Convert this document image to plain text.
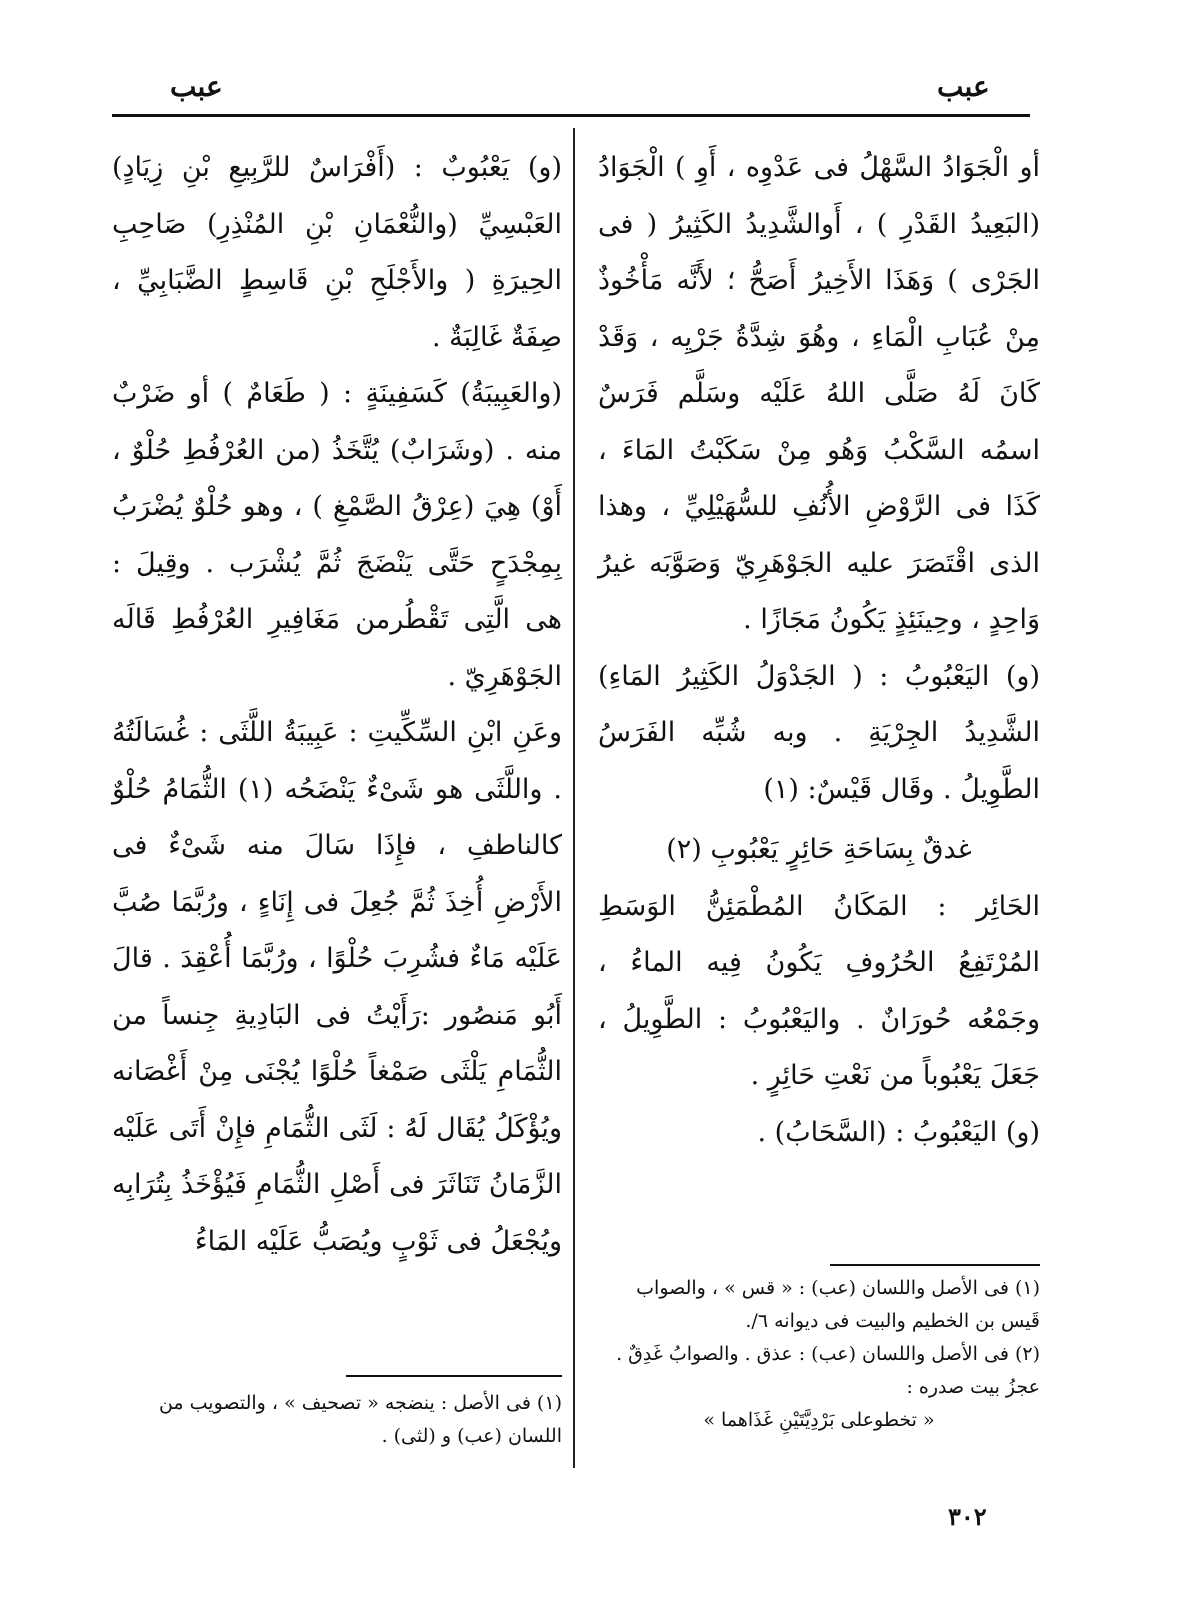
عبب
عبب

أو الْجَوَادُ السَّهْلُ فى عَدْوِه ، أَوِ ) الْجَوَادُ (البَعِيدُ القَدْرِ ) ، أَوالشَّدِيدُ الكَثِيرُ ( فى الجَرْى ) وَهَذَا الأَخِيرُ أَصَحُّ ؛ لأَنَّه مَأْخُوذٌ مِنْ عُبَابِ الْمَاءِ ، وهُوَ شِدَّةُ جَرْيِه ، وَقَدْ كَانَ لَهُ صَلَّى اللهُ عَلَيْه وسَلَّم فَرَسٌ اسمُه السَّكْبُ وَهُو مِنْ سَكَبْتُ المَاءَ ، كَذَا فى الرَّوْضِ الأُنُفِ للسُّهَيْلِيِّ ، وهذا الذى اقْتَصَرَ عليه الجَوْهَرِيّ وَصَوَّبَه غيرُ وَاحِدٍ ، وحِينَئِذٍ يَكُونُ مَجَازًا .

(و) اليَعْبُوبُ : ( الجَدْوَلُ الكَثِيرُ المَاءِ) الشَّدِيدُ الجِرْيَةِ . وبه شُبِّه الفَرَسُ الطَّوِيلُ . وقَال قَيْسٌ: (١)

غدقٌ بِسَاحَةِ حَائِرٍ يَعْبُوبِ (٢)

الحَائِر : المَكَانُ المُطْمَئِنُّ الوَسَطِ المُرْتَفِعُ الحُرُوفِ يَكُونُ فِيه الماءُ ، وجَمْعُه حُورَانٌ . واليَعْبُوبُ : الطَّوِيلُ ، جَعَلَ يَعْبُوباً من نَعْتِ حَائِرٍ .

(و) اليَعْبُوبُ : (السَّحَابُ) .

(١) فى الأصل واللسان (عب) : « قس » ، والصواب قَيس بن الخطيم والبيت فى ديوانه ٦/.
(٢) فى الأصل واللسان (عب) : عذق . والصوابُ غَدِقٌ . عجزُ بيت صدره :
« تخطوعلى بَرْدِيَّتَيْنِ غَذَاهما »

(و) يَعْبُوبٌ : (أَفْرَاسٌ للرَّبِيعِ بْنِ زِيَادٍ) العَبْسِيِّ (والنُّعْمَانِ بْنِ المُنْذِرِ) صَاحِبِ الحِيرَةِ ( والأَجْلَحِ بْنِ قَاسِطٍ الضَّبَابِيِّ ، صِفَةٌ غَالِبَةٌ .

(والعَبِيبَةُ) كَسَفِينَةٍ : ( طَعَامٌ ) أو ضَرْبٌ منه . (وشَرَابٌ) يُتَّخَذُ (من العُرْفُطِ حُلْوٌ ، أَوْ) هِيَ (عِرْقُ الصَّمْغِ ) ، وهو حُلْوٌ يُضْرَبُ بِمِجْدَحٍ حَتَّى يَنْضَجَ ثُمَّ يُشْرَب . وقِيلَ : هى الَّتِى تَقْطُرمن مَغَافِيرِ العُرْفُطِ قَالَه الجَوْهَرِيّ .

وعَنِ ابْنِ السِّكِّيتِ : عَبِيبَةُ اللَّثَى : غُسَالَتُهُ . واللَّثَى هو شَىْءٌ يَنْضَحُه (١) الثُّمَامُ حُلْوٌ كالناطفِ ، فإِذَا سَالَ منه شَىْءٌ فى الأَرْضِ أُخِذَ ثُمَّ جُعِلَ فى إِنَاءٍ ، ورُبَّمَا صُبَّ عَلَيْه مَاءٌ فشُرِبَ حُلْوًا ، ورُبَّمَا أُعْقِدَ . قالَ أَبُو مَنصُور :رَأَيْتُ فى البَادِيةِ جِنساً من الثُّمَامِ يَلْثَى صَمْغاً حُلْوًا يُجْنَى مِنْ أَغْصَانه ويُؤْكَلُ يُقَال لَهُ : لَثَى الثُّمَامِ فإِنْ أَتَى عَلَيْه الزَّمَانُ تَنَاثَرَ فى أَصْلِ الثُّمَامِ فَيُؤْخَذُ بِتُرَابِه ويُجْعَلُ فى ثَوْبٍ ويُصَبُّ عَلَيْه المَاءُ

(١) فى الأصل : ينضجه « تصحيف » ، والتصويب من اللسان (عب) و (لثى) .
٣٠٢
